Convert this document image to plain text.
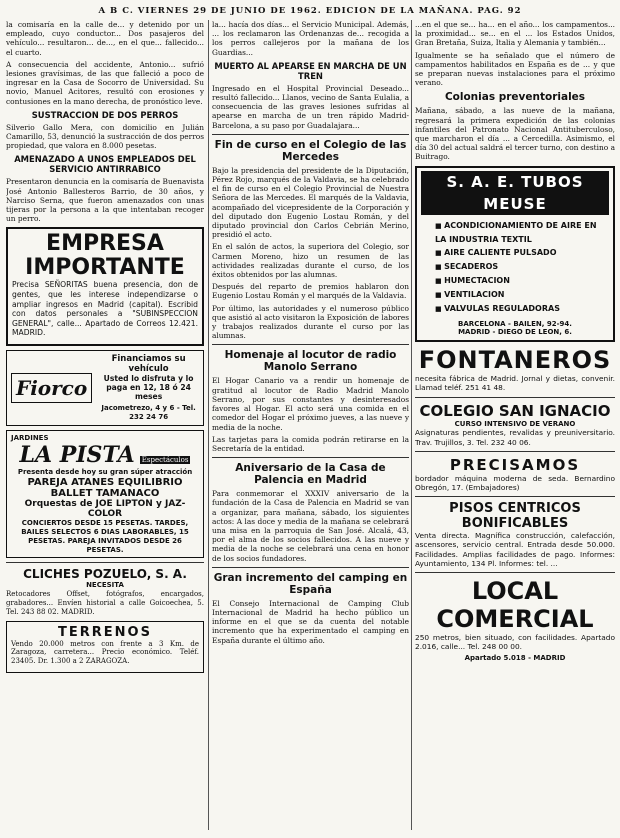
A B C. VIERNES 29 DE JUNIO DE 1962. EDICION DE LA MAÑANA. PAG. 92

la comisaría en la calle de... y detenido por un empleado, cuyo conductor... Dos pasajeros del vehículo... resultaron... de..., en el que... fallecido... el cuarto.

A consecuencia del accidente, Antonio... sufrió lesiones gravísimas, de las que falleció a poco de ingresar en la Casa de Socorro de Universidad. Su novio, Manuel Acitores, resultó con erosiones y contusiones en la mano derecha, de pronóstico leve.

SUSTRACCION DE DOS PERROS

Silverio Gallo Mera, con domicilio en Julián Camarillo, 53, denunció la sustracción de dos perros propiedad, que valora en 8.000 pesetas.

AMENAZADO A UNOS EMPLEADOS DEL SERVICIO ANTIRRABICO

Presentaron denuncia en la comisaría de Buenavista José Antonio Ballesteros Barrio, de 30 años, y Narciso Serna, que fueron amenazados con unas tijeras por la persona a la que intentaban recoger un perro.

EMPRESA
IMPORTANTE

Precisa SEÑORITAS buena presencia, don de gentes, que les interese independizarse o ampliar ingresos en Madrid (capital). Escribid con datos personales a "SUBINSPECCION GENERAL", calle... Apartado de Correos 12.421. MADRID.

Fiorco
Financiamos su vehículo
Usted lo disfruta y lo paga en 12, 18 ó 24 meses
Jacometrezo, 4 y 6 - Tel. 232 24 76
JARDINES
LA PISTA Espectáculos
Presenta desde hoy su gran súper atracción
PAREJA ATANES EQUILIBRIO
BALLET TAMANACO
Orquestas de JOE LIPTON y JAZ-COLOR
CONCIERTOS DESDE 15 PESETAS. TARDES, BAILES SELECTOS 6 DIAS LABORABLES, 15 PESETAS. PAREJA INVITADOS DESDE 26 PESETAS.
CLICHES POZUELO, S. A.
NECESITA

Retocadores Offset, fotógrafos, encargados, grabadores... Envíen historial a calle Goicoechea, 5. Tel. 243 88 02. MADRID.

TERRENOS

Vendo 20.000 metros con frente a 3 Km. de Zaragoza, carretera... Precio económico. Teléf. 23405. Dr. 1.300 a 2 ZARAGOZA.

la... hacía dos días... el Servicio Municipal. Además, ... los reclamaron las Ordenanzas de... recogida a los perros callejeros por la mañana de los Guardias...

MUERTO AL APEARSE EN MARCHA DE UN TREN

Ingresado en el Hospital Provincial Deseado... resultó fallecido... Llanos, vecino de Santa Eulalia, a consecuencia de las graves lesiones sufridas al apearse en marcha de un tren rápido Madrid-Barcelona, a su paso por Guadalajara...

Fin de curso en el Colegio de las Mercedes

Bajo la presidencia del presidente de la Diputación, Pérez Rojo, marqués de la Valdavia, se ha celebrado el fin de curso en el Colegio Provincial de Nuestra Señora de las Mercedes. El marqués de la Valdavia, acompañado del vicepresidente de la Corporación y del diputado don Eugenio Lostau Román, y del diputado provincial don Carlos Cebrián Merino, presidió el acto.

En el salón de actos, la superiora del Colegio, sor Carmen Moreno, hizo un resumen de las actividades realizadas durante el curso, de los éxitos obtenidos por las alumnas.

Después del reparto de premios hablaron don Eugenio Lostau Román y el marqués de la Valdavia.

Por último, las autoridades y el numeroso público que asistió al acto visitaron la Exposición de labores y trabajos realizados durante el curso por las alumnas.

Homenaje al locutor de radio Manolo Serrano

El Hogar Canario va a rendir un homenaje de gratitud al locutor de Radio Madrid Manolo Serrano, por sus constantes y desinteresados favores al Hogar. El acto será una comida en el comedor del Hogar el próximo jueves, a las nueve y media de la noche.

Las tarjetas para la comida podrán retirarse en la Secretaría de la entidad.

Aniversario de la Casa de Palencia en Madrid

Para conmemorar el XXXIV aniversario de la fundación de la Casa de Palencia en Madrid se van a organizar, para mañana, sábado, los siguientes actos: A las doce y media de la mañana se celebrará una misa en la parroquia de San José. Alcalá, 43, por el alma de los socios fallecidos. A las nueve y media de la noche se celebrará una cena en honor de los socios fundadores.

Gran incremento del camping en España

El Consejo Internacional de Camping Club Internacional de Madrid ha hecho público un informe en el que se da cuenta del notable incremento que ha experimentado el camping en España durante el último año.

...en el que se... ha... en el año... los campamentos... la proximidad... se... en el ... los Estados Unidos, Gran Bretaña, Suiza, Italia y Alemania y también...

Igualmente se ha señalado que el número de campamentos habilitados en España es de ... y que se preparan nuevas instalaciones para el próximo verano.

Colonias preventoriales

Mañana, sábado, a las nueve de la mañana, regresará la primera expedición de las colonias infantiles del Patronato Nacional Antituberculoso, que marcharon el día ... a Cercedilla. Asimismo, el día 30 del actual saldrá el tercer turno, con destino a Buitrago.

S. A. E. TUBOS MEUSE
■ ACONDICIONAMIENTO DE AIRE EN LA INDUSTRIA TEXTIL
■ AIRE CALIENTE PULSADO
■ SECADEROS
■ HUMECTACION
■ VENTILACION
■ VALVULAS REGULADORAS
BARCELONA - BAILEN, 92-94.
MADRID - DIEGO DE LEON, 6.
FONTANEROS

necesita fábrica de Madrid. Jornal y dietas, convenir. Llamad teléf. 251 41 48.

COLEGIO SAN IGNACIO
CURSO INTENSIVO DE VERANO

Asignaturas pendientes, revalidas y preuniversitario. Trav. Trujillos, 3. Tel. 232 40 06.

PRECISAMOS

bordador máquina moderna de seda. Bernardino Obregón, 17. (Embajadores)

PISOS CENTRICOS BONIFICABLES

Venta directa. Magnífica construcción, calefacción, ascensores, servicio central. Entrada desde 50.000. Facilidades. Amplias facilidades de pago. Informes: Ayuntamiento, 134 Pl. Informes: tel. ...

LOCAL COMERCIAL

250 metros, bien situado, con facilidades. Apartado 2.016, calle... Tel. 248 00 00.

Apartado 5.018 - MADRID
